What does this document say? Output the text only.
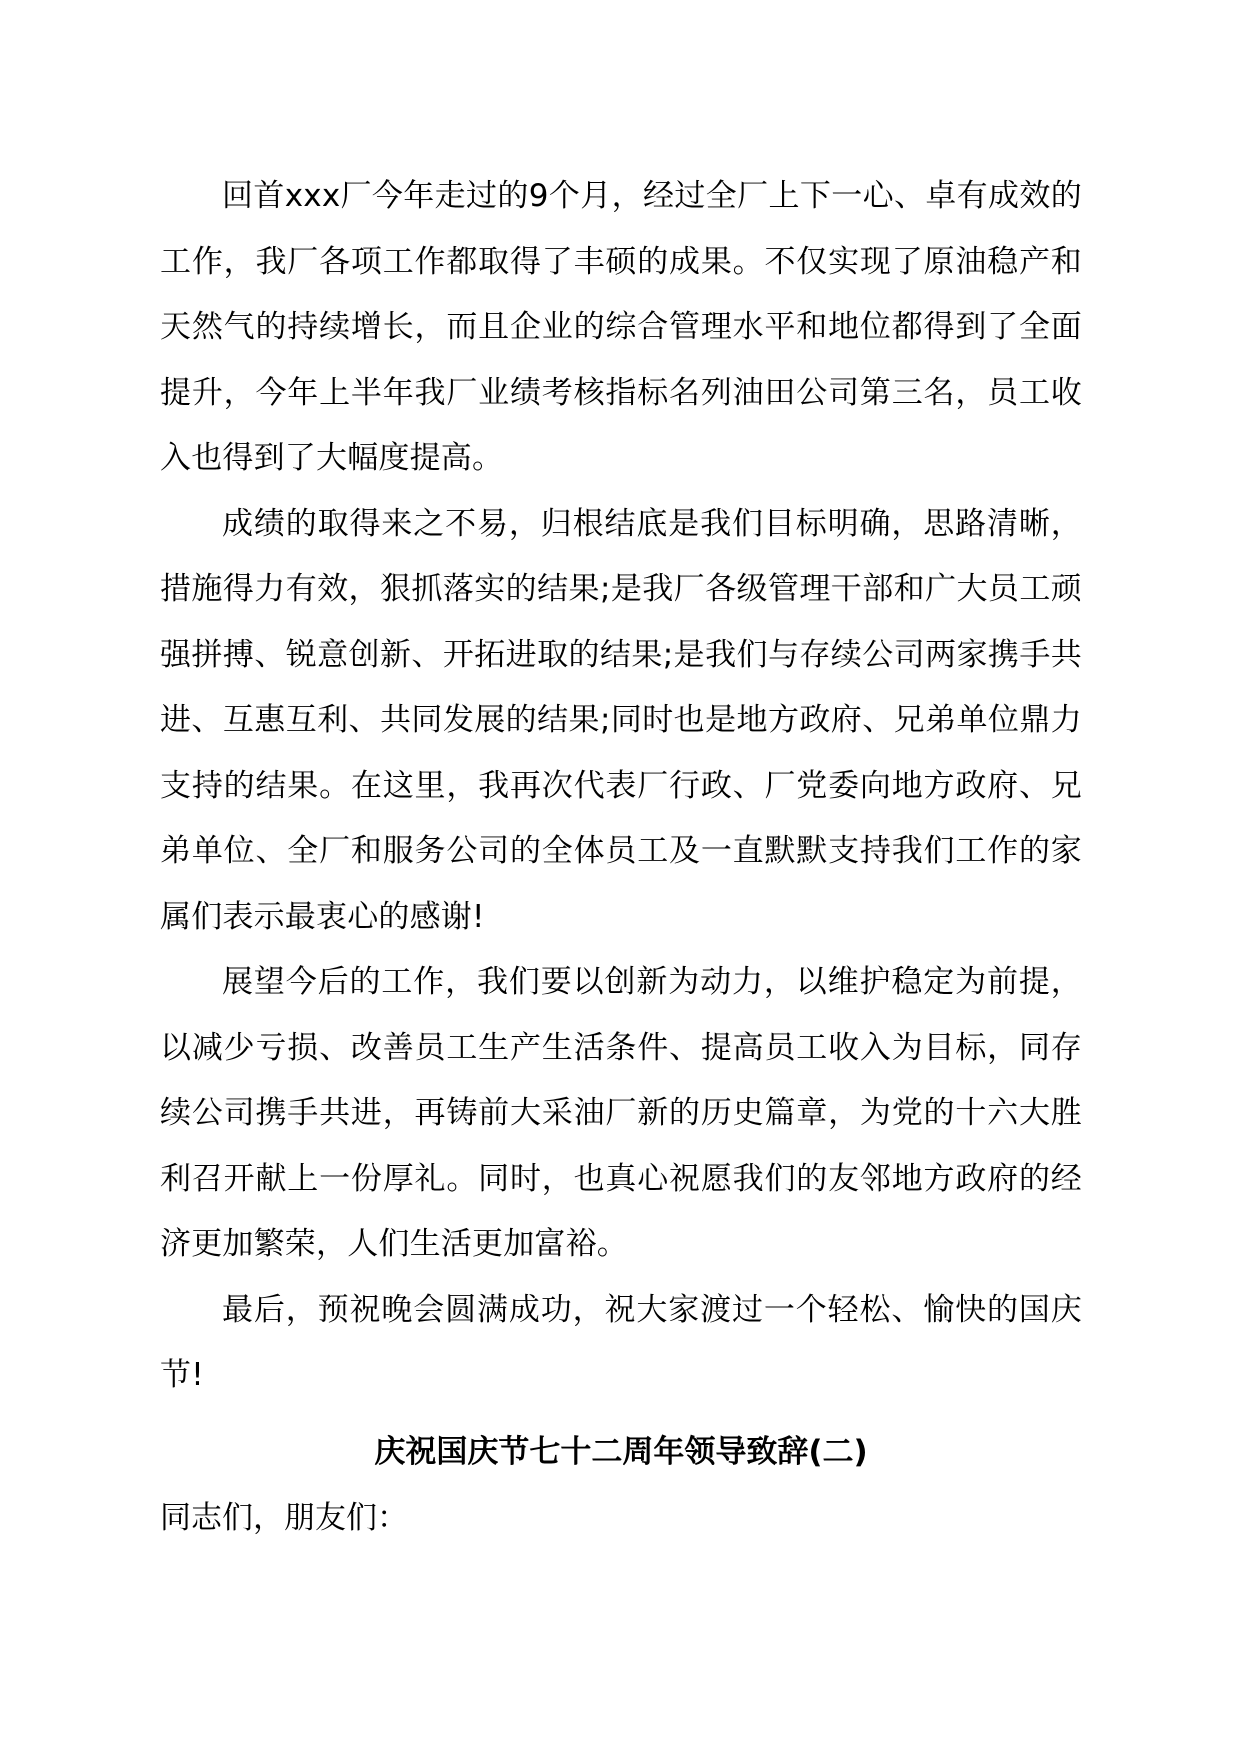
回首xxx厂今年走过的9个月，经过全厂上下一心、卓有成效的工作，我厂各项工作都取得了丰硕的成果。不仅实现了原油稳产和天然气的持续增长，而且企业的综合管理水平和地位都得到了全面提升，今年上半年我厂业绩考核指标名列油田公司第三名，员工收入也得到了大幅度提高。

成绩的取得来之不易，归根结底是我们目标明确，思路清晰，措施得力有效，狠抓落实的结果;是我厂各级管理干部和广大员工顽强拼搏、锐意创新、开拓进取的结果;是我们与存续公司两家携手共进、互惠互利、共同发展的结果;同时也是地方政府、兄弟单位鼎力支持的结果。在这里，我再次代表厂行政、厂党委向地方政府、兄弟单位、全厂和服务公司的全体员工及一直默默支持我们工作的家属们表示最衷心的感谢!

展望今后的工作，我们要以创新为动力，以维护稳定为前提，以减少亏损、改善员工生产生活条件、提高员工收入为目标，同存续公司携手共进，再铸前大采油厂新的历史篇章，为党的十六大胜利召开献上一份厚礼。同时，也真心祝愿我们的友邻地方政府的经济更加繁荣，人们生活更加富裕。

最后，预祝晚会圆满成功，祝大家渡过一个轻松、愉快的国庆节!

庆祝国庆节七十二周年领导致辞(二)

同志们，朋友们：
